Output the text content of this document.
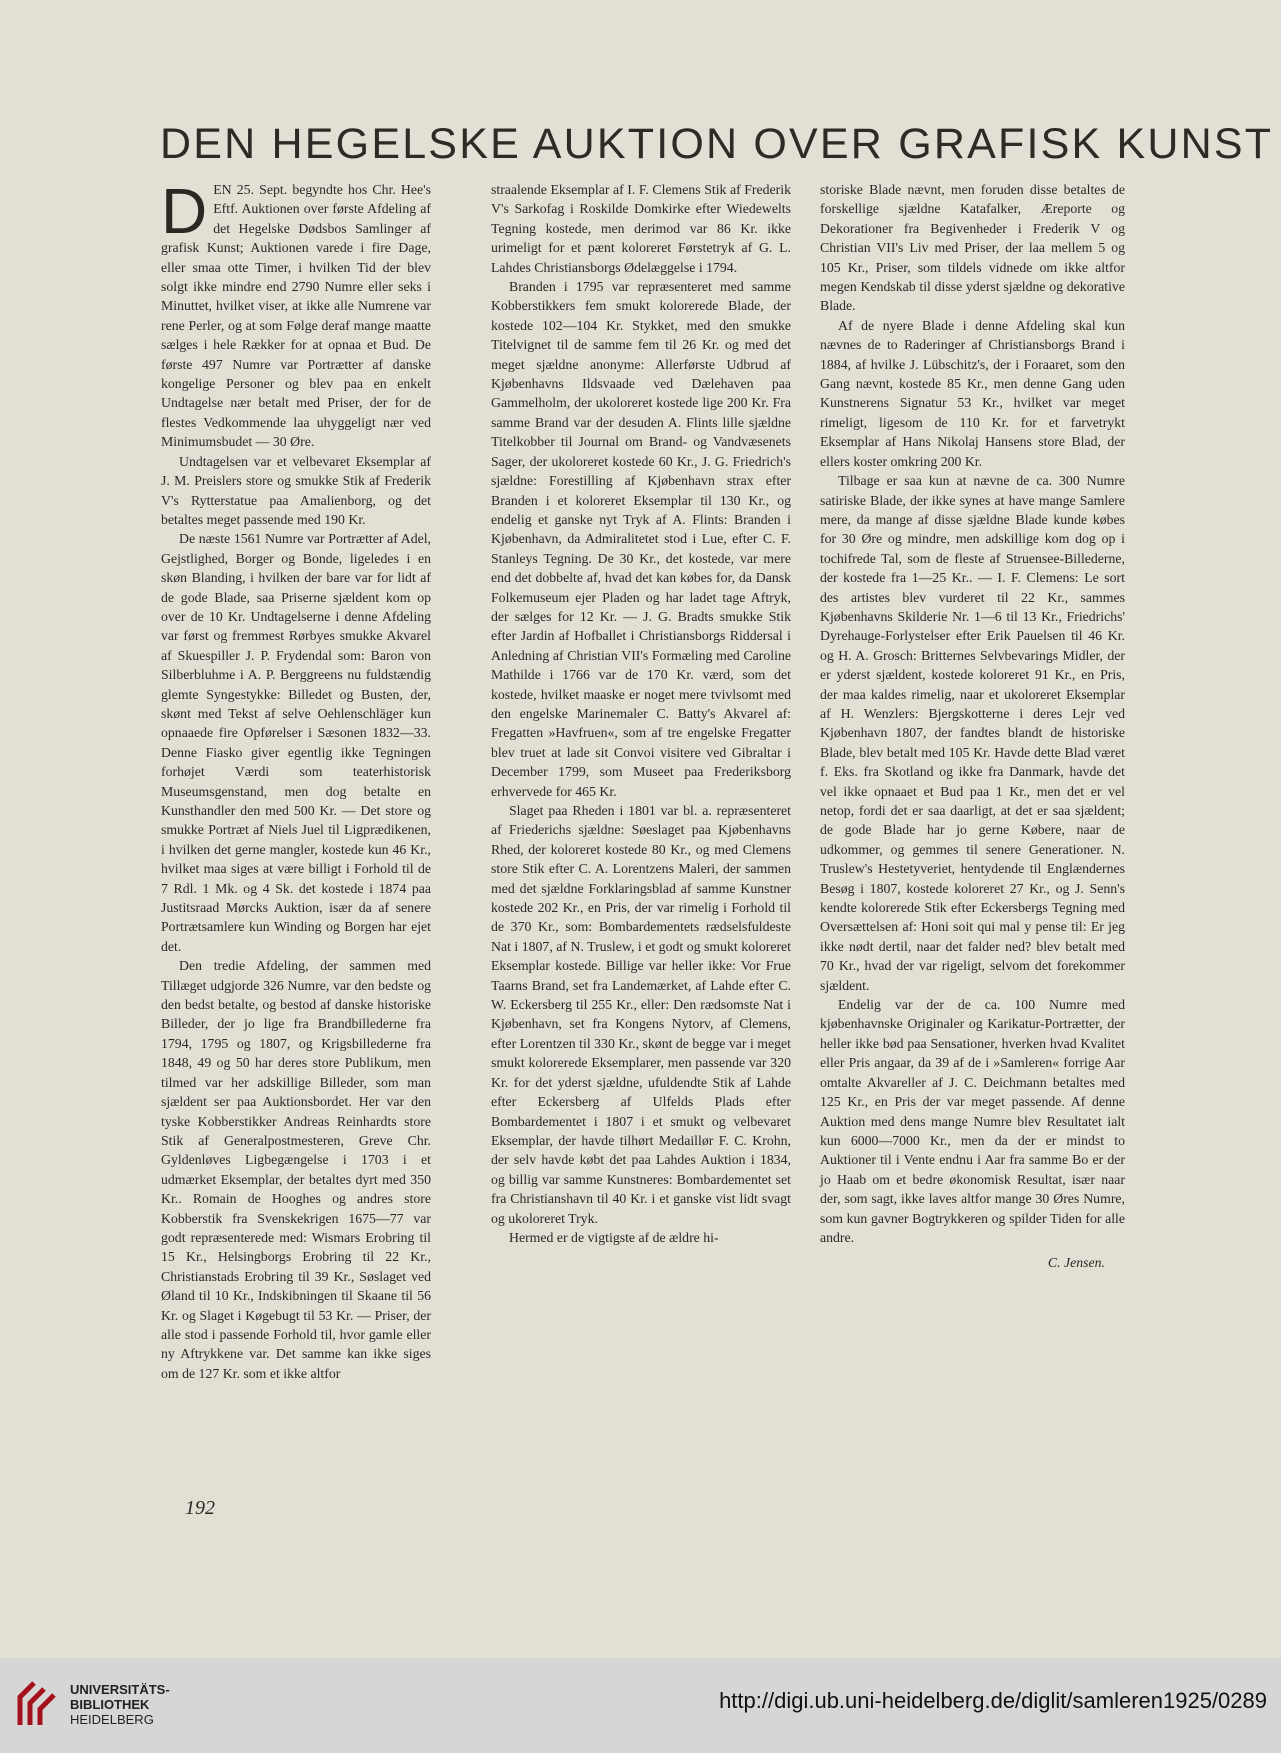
DEN HEGELSKE AUKTION OVER GRAFISK KUNST
D EN 25. Sept. begyndte hos Chr. Hee's Eftf. Auktionen over første Afdeling af det Hegelske Dødsbos Samlinger af grafisk Kunst; Auktionen varede i fire Dage, eller smaa otte Timer, i hvilken Tid der blev solgt ikke mindre end 2790 Numre eller seks i Minuttet, hvilket viser, at ikke alle Numrene var rene Perler, og at som Følge deraf mange maatte sælges i hele Rækker for at opnaa et Bud. De første 497 Numre var Portrætter af danske kongelige Personer og blev paa en enkelt Undtagelse nær betalt med Priser, der for de flestes Vedkommende laa uhyggeligt nær ved Minimumsbudet — 30 Øre.

Undtagelsen var et velbevaret Eksemplar af J. M. Preislers store og smukke Stik af Frederik V's Rytterstatue paa Amalienborg, og det betaltes meget passende med 190 Kr.

De næste 1561 Numre var Portrætter af Adel, Gejstlighed, Borger og Bonde, ligeledes i en skøn Blanding, i hvilken der bare var for lidt af de gode Blade, saa Priserne sjældent kom op over de 10 Kr. Undtagelserne i denne Afdeling var først og fremmest Rørbyes smukke Akvarel af Skuespiller J. P. Frydendal som: Baron von Silberbluhme i A. P. Berggreens nu fuldstændig glemte Syngestykke: Billedet og Busten, der, skønt med Tekst af selve Oehlenschläger kun opnaaede fire Opførelser i Sæsonen 1832—33. Denne Fiasko giver egentlig ikke Tegningen forhøjet Værdi som teaterhistorisk Museumsgenstand, men dog betalte en Kunsthandler den med 500 Kr. — Det store og smukke Portræt af Niels Juel til Ligprædikenen, i hvilken det gerne mangler, kostede kun 46 Kr., hvilket maa siges at være billigt i Forhold til de 7 Rdl. 1 Mk. og 4 Sk. det kostede i 1874 paa Justitsraad Mørcks Auktion, især da af senere Portrætsamlere kun Winding og Borgen har ejet det.

Den tredie Afdeling, der sammen med Tillæget udgjorde 326 Numre, var den bedste og den bedst betalte, og bestod af danske historiske Billeder, der jo lige fra Brandbillederne fra 1794, 1795 og 1807, og Krigsbillederne fra 1848, 49 og 50 har deres store Publikum, men tilmed var her adskillige Billeder, som man sjældent ser paa Auktionsbordet. Her var den tyske Kobberstikker Andreas Reinhardts store Stik af Generalpostmesteren, Greve Chr. Gyldenløves Ligbegængelse i 1703 i et udmærket Eksemplar, der betaltes dyrt med 350 Kr.. Romain de Hooghes og andres store Kobberstik fra Svenskekrigen 1675—77 var godt repræsenterede med: Wismars Erobring til 15 Kr., Helsingborgs Erobring til 22 Kr., Christianstads Erobring til 39 Kr., Søslaget ved Øland til 10 Kr., Indskibningen til Skaane til 56 Kr. og Slaget i Køgebugt til 53 Kr. — Priser, der alle stod i passende Forhold til, hvor gamle eller ny Aftrykkene var. Det samme kan ikke siges om de 127 Kr. som et ikke altfor

straalende Eksemplar af I. F. Clemens Stik af Frederik V's Sarkofag i Roskilde Domkirke efter Wiedewelts Tegning kostede, men derimod var 86 Kr. ikke urimeligt for et pænt koloreret Førstetryk af G. L. Lahdes Christiansborgs Ødelæggelse i 1794.

Branden i 1795 var repræsenteret med samme Kobberstikkers fem smukt kolorerede Blade, der kostede 102—104 Kr. Stykket, med den smukke Titelvignet til de samme fem til 26 Kr. og med det meget sjældne anonyme: Allerførste Udbrud af Kjøbenhavns Ildsvaade ved Dælehaven paa Gammelholm, der ukoloreret kostede lige 200 Kr. Fra samme Brand var der desuden A. Flints lille sjældne Titelkobber til Journal om Brand- og Vandvæsenets Sager, der ukoloreret kostede 60 Kr., J. G. Friedrich's sjældne: Forestilling af Kjøbenhavn strax efter Branden i et koloreret Eksemplar til 130 Kr., og endelig et ganske nyt Tryk af A. Flints: Branden i Kjøbenhavn, da Admiralitetet stod i Lue, efter C. F. Stanleys Tegning. De 30 Kr., det kostede, var mere end det dobbelte af, hvad det kan købes for, da Dansk Folkemuseum ejer Pladen og har ladet tage Aftryk, der sælges for 12 Kr. — J. G. Bradts smukke Stik efter Jardin af Hofballet i Christiansborgs Riddersal i Anledning af Christian VII's Formæling med Caroline Mathilde i 1766 var de 170 Kr. værd, som det kostede, hvilket maaske er noget mere tvivlsomt med den engelske Marinemaler C. Batty's Akvarel af: Fregatten »Havfruen«, som af tre engelske Fregatter blev truet at lade sit Convoi visitere ved Gibraltar i December 1799, som Museet paa Frederiksborg erhvervede for 465 Kr.

Slaget paa Rheden i 1801 var bl. a. repræsenteret af Friederichs sjældne: Søeslaget paa Kjøbenhavns Rhed, der koloreret kostede 80 Kr., og med Clemens store Stik efter C. A. Lorentzens Maleri, der sammen med det sjældne Forklaringsblad af samme Kunstner kostede 202 Kr., en Pris, der var rimelig i Forhold til de 370 Kr., som: Bombardementets rædselsfuldeste Nat i 1807, af N. Truslew, i et godt og smukt koloreret Eksemplar kostede. Billige var heller ikke: Vor Frue Taarns Brand, set fra Landemærket, af Lahde efter C. W. Eckersberg til 255 Kr., eller: Den rædsomste Nat i Kjøbenhavn, set fra Kongens Nytorv, af Clemens, efter Lorentzen til 330 Kr., skønt de begge var i meget smukt kolorerede Eksemplarer, men passende var 320 Kr. for det yderst sjældne, ufuldendte Stik af Lahde efter Eckersberg af Ulfelds Plads efter Bombardementet i 1807 i et smukt og velbevaret Eksemplar, der havde tilhørt Medaillør F. C. Krohn, der selv havde købt det paa Lahdes Auktion i 1834, og billig var samme Kunstneres: Bombardementet set fra Christianshavn til 40 Kr. i et ganske vist lidt svagt og ukoloreret Tryk.

Hermed er de vigtigste af de ældre hi-

storiske Blade nævnt, men foruden disse betaltes de forskellige sjældne Katafalker, Æreporte og Dekorationer fra Begivenheder i Frederik V og Christian VII's Liv med Priser, der laa mellem 5 og 105 Kr., Priser, som tildels vidnede om ikke altfor megen Kendskab til disse yderst sjældne og dekorative Blade.

Af de nyere Blade i denne Afdeling skal kun nævnes de to Raderinger af Christiansborgs Brand i 1884, af hvilke J. Lübschitz's, der i Foraaret, som den Gang nævnt, kostede 85 Kr., men denne Gang uden Kunstnerens Signatur 53 Kr., hvilket var meget rimeligt, ligesom de 110 Kr. for et farvetrykt Eksemplar af Hans Nikolaj Hansens store Blad, der ellers koster omkring 200 Kr.

Tilbage er saa kun at nævne de ca. 300 Numre satiriske Blade, der ikke synes at have mange Samlere mere, da mange af disse sjældne Blade kunde købes for 30 Øre og mindre, men adskillige kom dog op i tochifrede Tal, som de fleste af Struenseе-Billederne, der kostede fra 1—25 Kr.. — I. F. Clemens: Le sort des artistes blev vurderet til 22 Kr., sammes Kjøbenhavns Skilderie Nr. 1—6 til 13 Kr., Friedrichs' Dyrehauge-Forlystelser efter Erik Pauelsen til 46 Kr. og H. A. Grosch: Britternes Selvbevarings Midler, der er yderst sjældent, kostede koloreret 91 Kr., en Pris, der maa kaldes rimelig, naar et ukoloreret Eksemplar af H. Wenzlers: Bjergskotterne i deres Lejr ved Kjøbenhavn 1807, der fandtes blandt de historiske Blade, blev betalt med 105 Kr. Havde dette Blad været f. Eks. fra Skotland og ikke fra Danmark, havde det vel ikke opnaaet et Bud paa 1 Kr., men det er vel netop, fordi det er saa daarligt, at det er saa sjældent; de gode Blade har jo gerne Købere, naar de udkommer, og gemmes til senere Generationer. N. Truslew's Hestetyveriet, hentydende til Englændernes Besøg i 1807, kostede koloreret 27 Kr., og J. Senn's kendte kolorerede Stik efter Eckersbergs Tegning med Oversættelsen af: Honi soit qui mal y pense til: Er jeg ikke nødt dertil, naar det falder ned? blev betalt med 70 Kr., hvad der var rigeligt, selvom det forekommer sjældent.

Endelig var der de ca. 100 Numre med kjøbenhavnske Originaler og Karikatur-Portrætter, der heller ikke bød paa Sensationer, hverken hvad Kvalitet eller Pris angaar, da 39 af de i »Samleren« forrige Aar omtalte Akvareller af J. C. Deichmann betaltes med 125 Kr., en Pris der var meget passende. Af denne Auktion med dens mange Numre blev Resultatet ialt kun 6000—7000 Kr., men da der er mindst to Auktioner til i Vente endnu i Aar fra samme Bo er der jo Haab om et bedre økonomisk Resultat, især naar der, som sagt, ikke laves altfor mange 30 Øres Numre, som kun gavner Bogtrykkeren og spilder Tiden for alle andre.

C. Jensen.
192
UNIVERSITÄTS-
BIBLIOTHEK
HEIDELBERG
http://digi.ub.uni-heidelberg.de/diglit/samleren1925/0289
